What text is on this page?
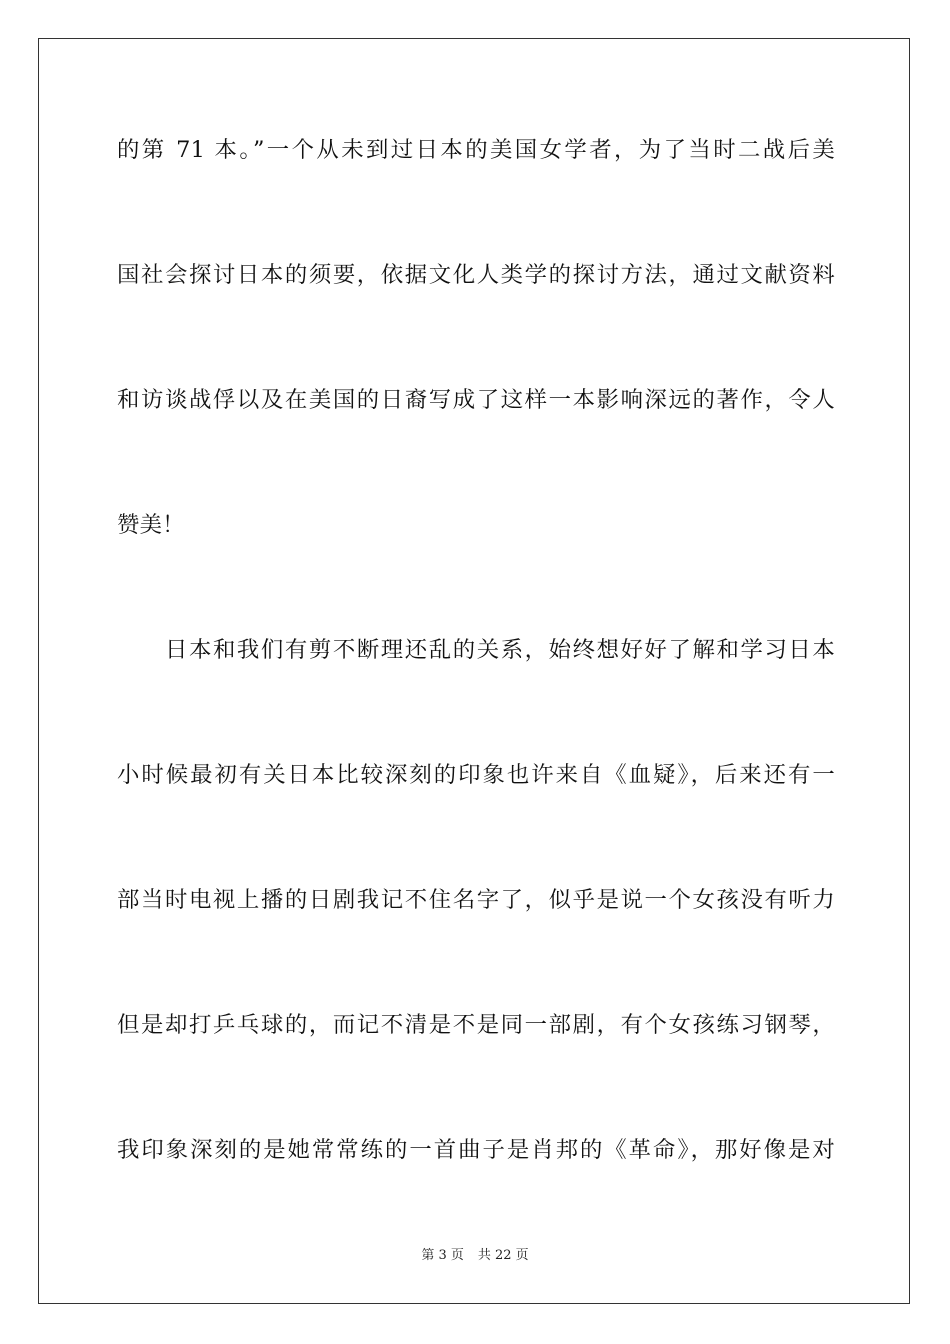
的第 71 本。”一个从未到过日本的美国女学者，为了当时二战后美
国社会探讨日本的须要，依据文化人类学的探讨方法，通过文献资料
和访谈战俘以及在美国的日裔写成了这样一本影响深远的著作，令人
赞美！
日本和我们有剪不断理还乱的关系，始终想好好了解和学习日本
小时候最初有关日本比较深刻的印象也许来自《血疑》，后来还有一
部当时电视上播的日剧我记不住名字了，似乎是说一个女孩没有听力
但是却打乒乓球的，而记不清是不是同一部剧，有个女孩练习钢琴，
我印象深刻的是她常常练的一首曲子是肖邦的《革命》，那好像是对
第 3 页 共 22 页
